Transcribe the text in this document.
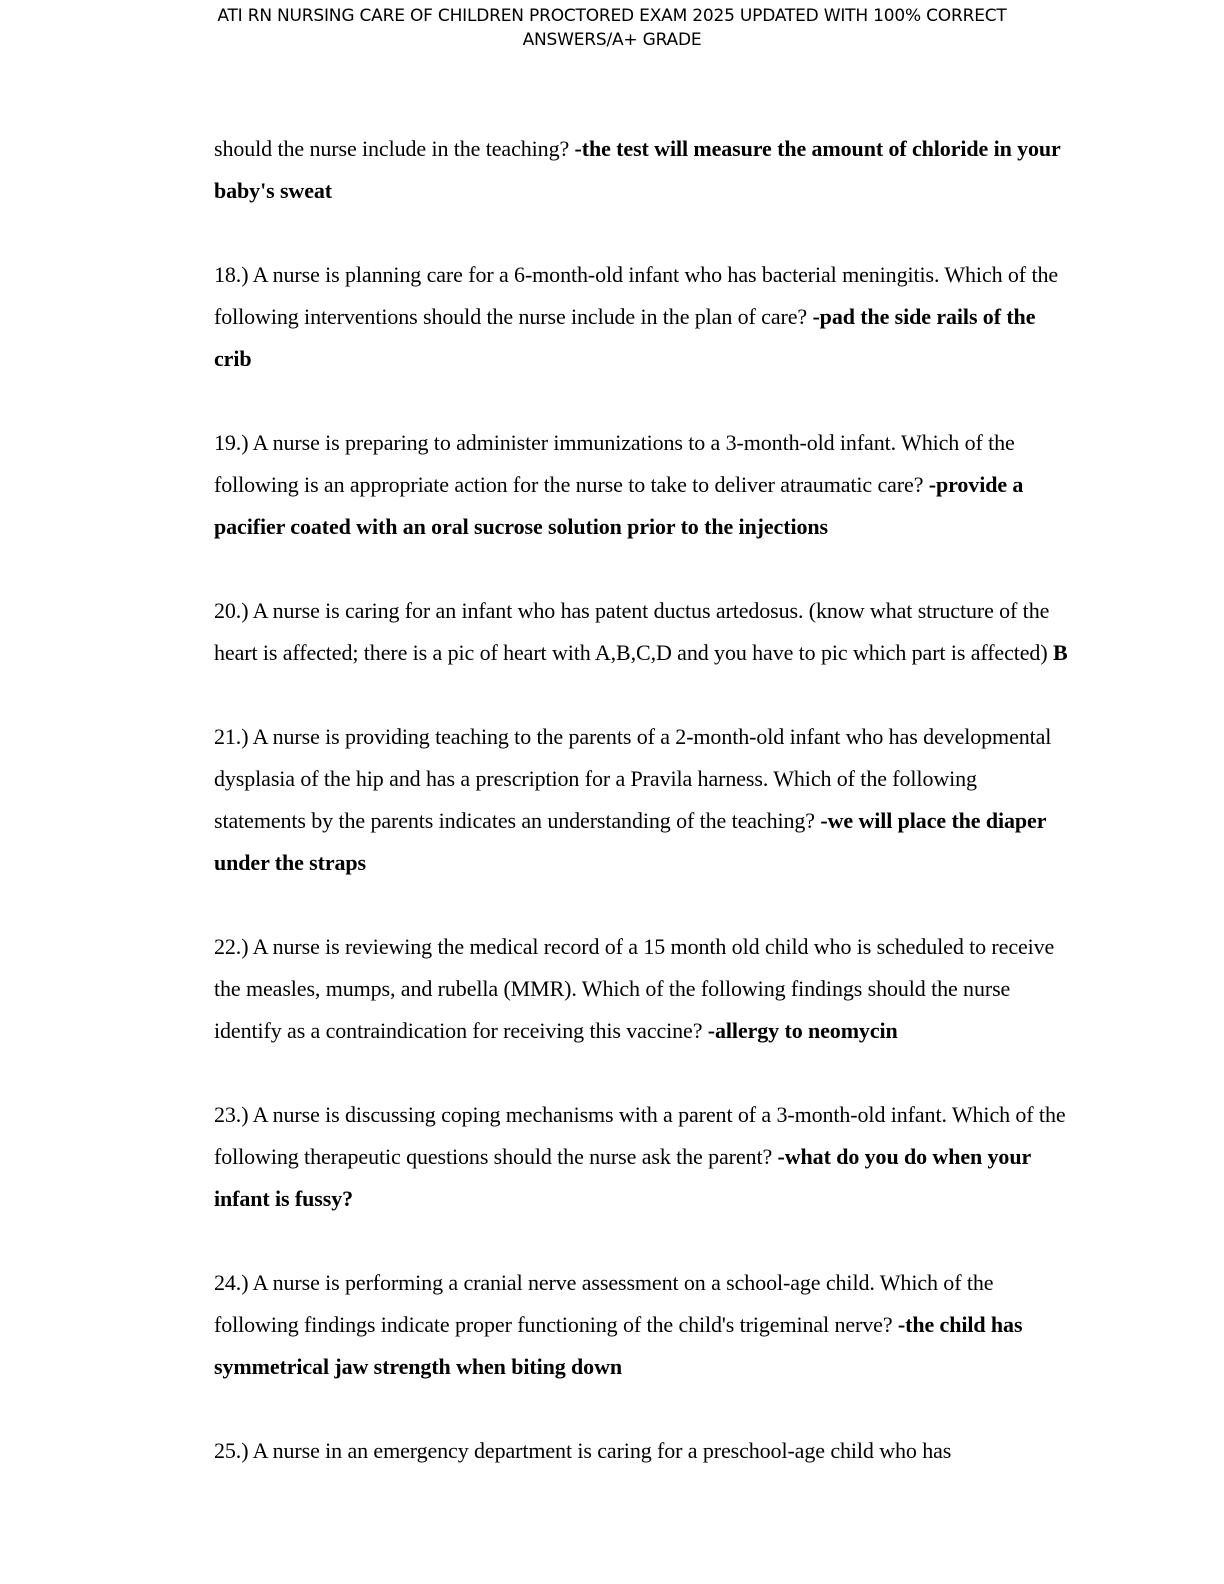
ATI RN NURSING CARE OF CHILDREN PROCTORED EXAM 2025 UPDATED WITH 100% CORRECT
ANSWERS/A+ GRADE

should the nurse include in the teaching? -the test will measure the amount of chloride in your baby's sweat

18.) A nurse is planning care for a 6-month-old infant who has bacterial meningitis. Which of the following interventions should the nurse include in the plan of care? -pad the side rails of the crib

19.) A nurse is preparing to administer immunizations to a 3-month-old infant. Which of the following is an appropriate action for the nurse to take to deliver atraumatic care? -provide a pacifier coated with an oral sucrose solution prior to the injections

20.) A nurse is caring for an infant who has patent ductus artedosus. (know what structure of the heart is affected; there is a pic of heart with A,B,C,D and you have to pic which part is affected) B

21.) A nurse is providing teaching to the parents of a 2-month-old infant who has developmental dysplasia of the hip and has a prescription for a Pravila harness. Which of the following statements by the parents indicates an understanding of the teaching? -we will place the diaper under the straps

22.) A nurse is reviewing the medical record of a 15 month old child who is scheduled to receive the measles, mumps, and rubella (MMR). Which of the following findings should the nurse identify as a contraindication for receiving this vaccine? -allergy to neomycin

23.) A nurse is discussing coping mechanisms with a parent of a 3-month-old infant. Which of the following therapeutic questions should the nurse ask the parent? -what do you do when your infant is fussy?

24.) A nurse is performing a cranial nerve assessment on a school-age child. Which of the following findings indicate proper functioning of the child's trigeminal nerve? -the child has symmetrical jaw strength when biting down

25.) A nurse in an emergency department is caring for a preschool-age child who has
